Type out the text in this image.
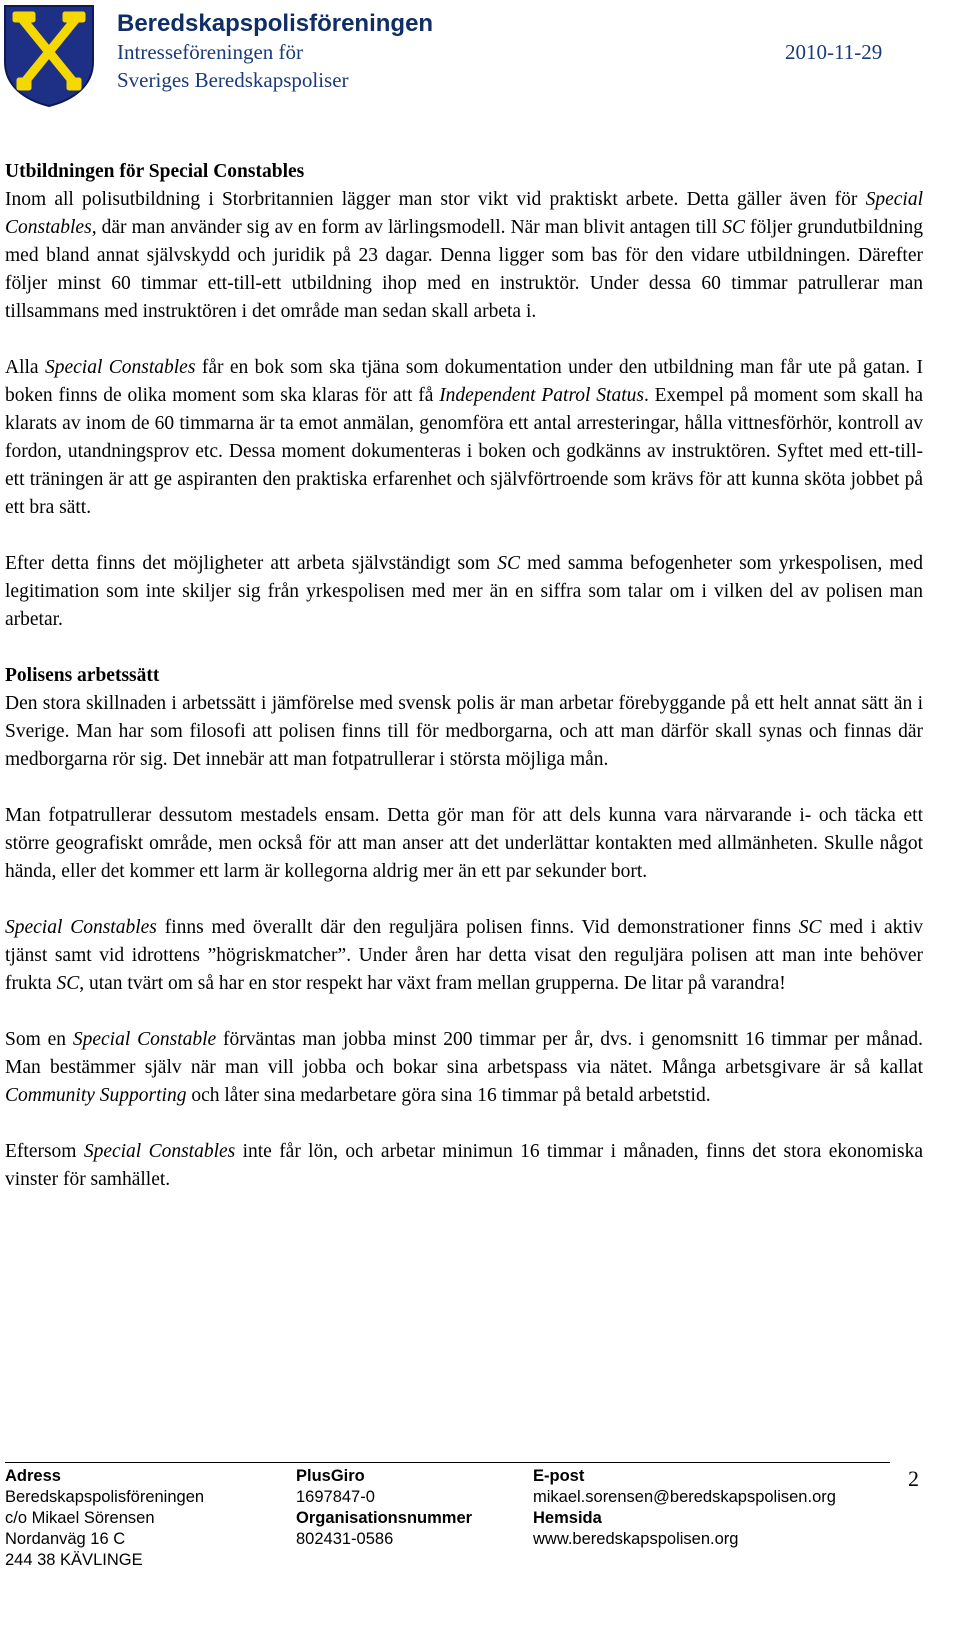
Beredskapspolisföreningen
Intresseföreningen för
Sveriges Beredskapspoliser
2010-11-29
Utbildningen för Special Constables

Inom all polisutbildning i Storbritannien lägger man stor vikt vid praktiskt arbete. Detta gäller även för Special Constables, där man använder sig av en form av lärlingsmodell. När man blivit antagen till SC följer grundutbildning med bland annat självskydd och juridik på 23 dagar. Denna ligger som bas för den vidare utbildningen. Därefter följer minst 60 timmar ett-till-ett utbildning ihop med en instruktör. Under dessa 60 timmar patrullerar man tillsammans med instruktören i det område man sedan skall arbeta i.

Alla Special Constables får en bok som ska tjäna som dokumentation under den utbildning man får ute på gatan. I boken finns de olika moment som ska klaras för att få Independent Patrol Status. Exempel på moment som skall ha klarats av inom de 60 timmarna är ta emot anmälan, genomföra ett antal arresteringar, hålla vittnesförhör, kontroll av fordon, utandningsprov etc. Dessa moment dokumenteras i boken och godkänns av instruktören. Syftet med ett-till-ett träningen är att ge aspiranten den praktiska erfarenhet och självförtroende som krävs för att kunna sköta jobbet på ett bra sätt.

Efter detta finns det möjligheter att arbeta självständigt som SC med samma befogenheter som yrkespolisen, med legitimation som inte skiljer sig från yrkespolisen med mer än en siffra som talar om i vilken del av polisen man arbetar.

Polisens arbetssätt

Den stora skillnaden i arbetssätt i jämförelse med svensk polis är man arbetar förebyggande på ett helt annat sätt än i Sverige. Man har som filosofi att polisen finns till för medborgarna, och att man därför skall synas och finnas där medborgarna rör sig. Det innebär att man fotpatrullerar i största möjliga mån.

Man fotpatrullerar dessutom mestadels ensam. Detta gör man för att dels kunna vara närvarande i- och täcka ett större geografiskt område, men också för att man anser att det underlättar kontakten med allmänheten. Skulle något hända, eller det kommer ett larm är kollegorna aldrig mer än ett par sekunder bort.

Special Constables finns med överallt där den reguljära polisen finns. Vid demonstrationer finns SC med i aktiv tjänst samt vid idrottens ”högriskmatcher”. Under åren har detta visat den reguljära polisen att man inte behöver frukta SC, utan tvärt om så har en stor respekt har växt fram mellan grupperna. De litar på varandra!

Som en Special Constable förväntas man jobba minst 200 timmar per år, dvs. i genomsnitt 16 timmar per månad. Man bestämmer själv när man vill jobba och bokar sina arbetspass via nätet. Många arbetsgivare är så kallat Community Supporting och låter sina medarbetare göra sina 16 timmar på betald arbetstid.

Eftersom Special Constables inte får lön, och arbetar minimun 16 timmar i månaden, finns det stora ekonomiska vinster för samhället.

Adress
Beredskapspolisföreningen
c/o Mikael Sörensen
Nordanväg 16 C
244 38 KÄVLINGE
PlusGiro
1697847-0
Organisationsnummer
802431-0586
E-post
mikael.sorensen@beredskapspolisen.org
Hemsida
www.beredskapspolisen.org
2
